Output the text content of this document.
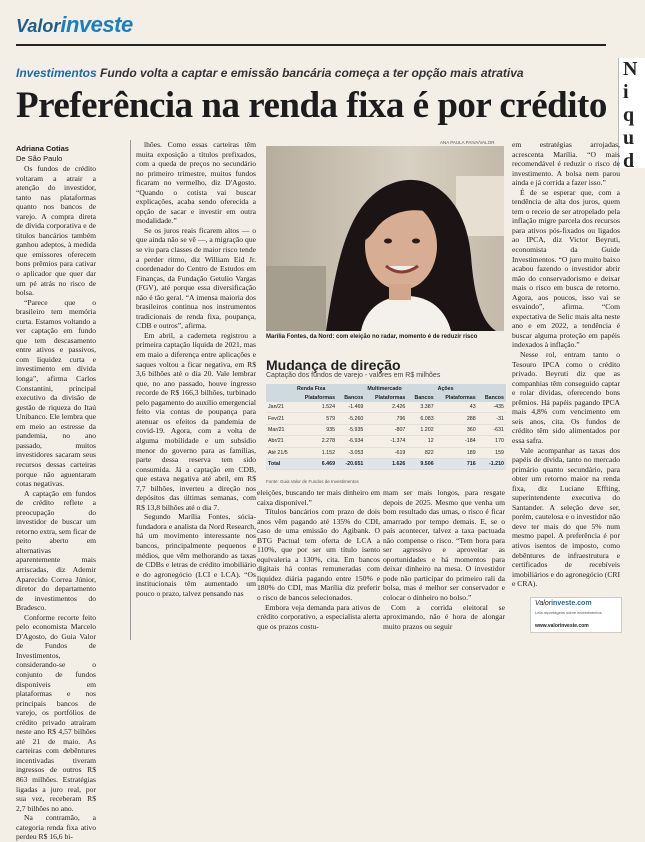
Valorinveste
Investimentos Fundo volta a captar e emissão bancária começa a ter opção mais atrativa
Preferência na renda fixa é por crédito
N
i
q
u
d
Adriana Cotias
De São Paulo

Os fundos de crédito voltaram a atrair a atenção do investidor, tanto nas plataformas quanto nos bancos de varejo. A compra direta de dívida corporativa e de títulos bancários também ganhou adeptos, à medida que emissores oferecem bons prêmios para cativar o aplicador que quer dar um pé atrás no risco de bolsa.

“Parece que o brasileiro tem memória curta. Estamos voltando a ver captação em fundo que tem descasamento entre ativos e passivos, com liquidez curta e investimento em dívida longa”, afirma Carlos Constantini, principal executivo da divisão de gestão de riqueza do Itaú Unibanco. Ele lembra que em meio ao estresse da pandemia, no ano passado, muitos investidores sacaram seus recursos dessas carteiras porque não aguentaram cotas negativas.

A captação em fundos de crédito reflete a preocupação do investidor de buscar um retorno extra, sem ficar de peito aberto em alternativas aparentemente mais arriscadas, diz Ademir Aparecido Correa Júnior, diretor do departamento de investimentos do Bradesco.

Conforme recorte feito pelo economista Marcelo D'Agosto, do Guia Valor de Fundos de Investimentos, considerando-se o conjunto de fundos disponíveis em plataformas e nos principais bancos de varejo, os portfólios de crédito privado atraíram neste ano R$ 4,57 bilhões até 21 de maio. As carteiras com debêntures incentivadas tiveram ingressos de outros R$ 863 milhões. Estratégias ligadas a juro real, por sua vez, receberam R$ 2,7 bilhões no ano.

Na contramão, a categoria renda fixa ativo perdeu R$ 16,6 bi-

lhões. Como essas carteiras têm muita exposição a títulos prefixados, com a queda de preços no secundário no primeiro trimestre, muitos fundos ficaram no vermelho, diz D'Agosto. “Quando o cotista vai buscar explicações, acaba sendo oferecida a opção de sacar e investir em outra modalidade.”

Se os juros reais ficarem altos — o que ainda não se vê —, a migração que se viu para classes de maior risco tende a perder ritmo, diz William Eid Jr. coordenador do Centro de Estudos em Finanças, da Fundação Getulio Vargas (FGV), até porque essa diversificação não é tão geral. “A imensa maioria dos brasileiros continua nos instrumentos tradicionais de renda fixa, poupança, CDB e outros”, afirma.

Em abril, a caderneta registrou a primeira captação líquida de 2021, mas em maio a diferença entre aplicações e saques voltou a ficar negativa, em R$ 3,6 bilhões até o dia 20. Vale lembrar que, no ano passado, houve ingresso recorde de R$ 166,3 bilhões, turbinado pelo pagamento do auxílio emergencial feito via contas de poupança para atenuar os efeitos da pandemia de covid-19. Agora, com a volta de alguma mobilidade e um subsídio menor do governo para as famílias, parte dessa reserva tem sido consumida. Já a captação em CDB, que estava negativa até abril, em R$ 7,7 bilhões, inverteu a direção nos depósitos das últimas semanas, com R$ 13,8 bilhões até o dia 7.

Segundo Marília Fontes, sócia-fundadora e analista da Nord Research, há um movimento interessante nos bancos, principalmente pequenos e médios, que vêm melhorando as taxas de CDBs e letras de crédito imobiliário e do agronegócio (LCI e LCA). “Os institucionais têm aumentado um pouco o prazo, talvez pensando nas

ANA PAULA PAIVA/VALOR
Marília Fontes, da Nord: com eleição no radar, momento é de reduzir risco
Mudança de direção
Captação dos fundos de varejo - valores em R$ milhões
	Renda Fixa		Multimercado		Ações	
	Plataformas	Bancos	Plataformas	Bancos	Plataformas	Bancos
Jan/21	1.524	-1.469	2.426	3.387	43	-435
Fev/21	579	-5.260	796	6.083	288	-31
Mar/21	935	-5.935	-807	1.202	360	-631
Abr/21	2.278	-6.934	-1.374	12	-184	170
Até 21/5	1.152	-3.053	-619	822	189	159
Total	6.469	-20.651	1.626	9.506	716	-1.210
Fonte: Guia Valor de Fundos de Investimentos

eleições, buscando ter mais dinheiro em caixa disponível.”

Títulos bancários com prazo de dois anos vêm pagando até 135% do CDI, caso de uma emissão do Agibank. O BTG Pactual tem oferta de LCA a 110%, que por ser um título isento equivaleria a 130%, cita. Em bancos digitais há contas remuneradas com liquidez diária pagando entre 150% e 180% do CDI, mas Marília diz preferir o risco de bancos selecionados.

Embora veja demanda para ativos de crédito corporativo, a especialista alerta que os prazos costu-

mam ser mais longos, para resgate depois de 2025. Mesmo que venha um bom resultado das urnas, o risco é ficar amarrado por tempo demais. E, se o país acontecer, talvez a taxa pactuada não compense o risco. “Tem hora para ser agressivo e aproveitar as oportunidades e há momentos para deixar dinheiro na mesa. O investidor pode não participar do primeiro rali da bolsa, mas é melhor ser conservador e colocar o dinheiro no bolso.”

Com a corrida eleitoral se aproximando, não é hora de alongar muito prazos ou seguir

em estratégias arrojadas, acrescenta Marília. “O mais recomendável é reduzir o risco de investimento. A bolsa nem parou ainda e já corrida a fazer isso.”

É de se esperar que, com a tendência de alta dos juros, quem tem o receio de ser atropelado pela inflação migre parcela dos recursos para ativos pós-fixados ou ligados ao IPCA, diz Victor Beyruti, economista da Guide Investimentos. “O juro muito baixo acabou fazendo o investidor abrir mão do conservadorismo e deixar mais o risco em busca de retorno. Agora, aos poucos, isso vai se esvaindo”, afirma. “Com expectativa de Selic mais alta neste ano e em 2022, a tendência é buscar alguma proteção em papéis indexados à inflação.”

Nesse rol, entram tanto o Tesouro IPCA como o crédito privado. Beyruti diz que as companhias têm conseguido captar e rolar dívidas, oferecendo bons prêmios. Há papéis pagando IPCA mais 4,8% com vencimento em seis anos, cita. Os fundos de crédito têm sido alimentados por essa safra.

Vale acompanhar as taxas dos papéis de dívida, tanto no mercado primário quanto secundário, para obter um retorno maior na renda fixa, diz Luciane Effting, superintendente executiva do Santander. A seleção deve ser, porém, cautelosa e o investidor não deve ter mais do que 5% num mesmo papel. A preferência é por ativos isentos de imposto, como debêntures de infraestrutura e certificados de recebíveis imobiliários e do agronegócio (CRI e CRA).

Valorinveste.com
Leia reportagens sobre investimentos
www.valorinveste.com
